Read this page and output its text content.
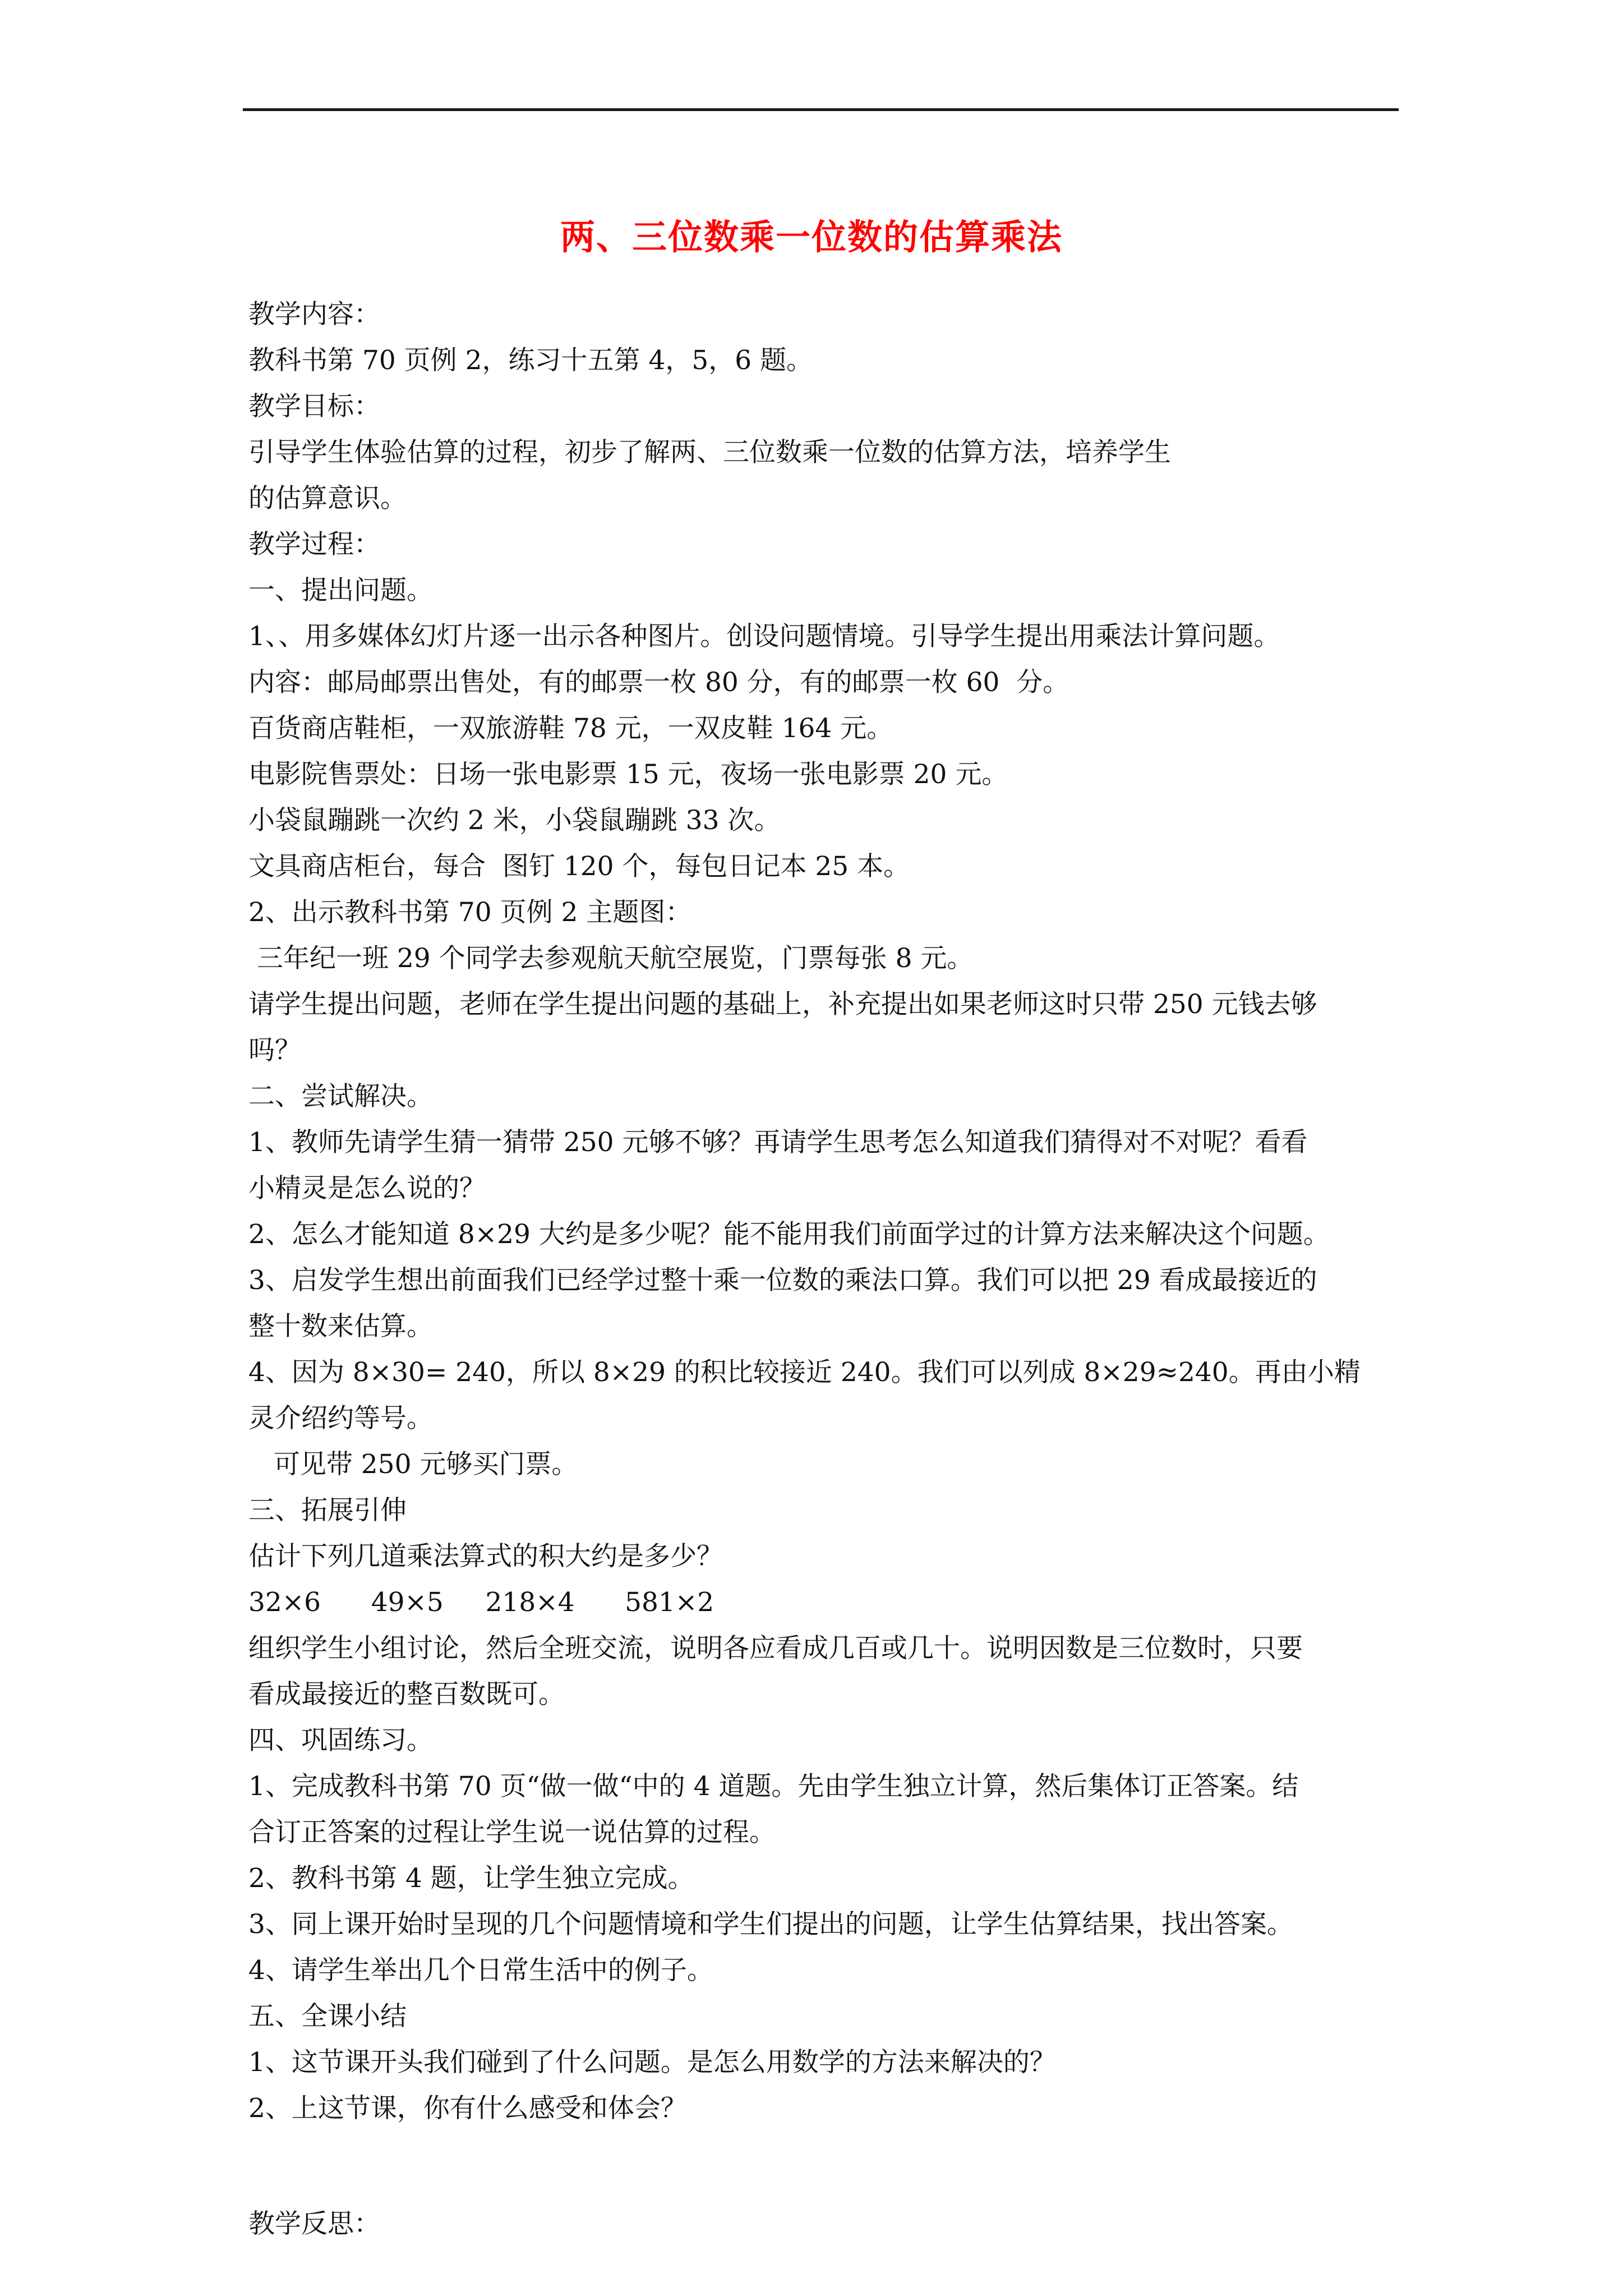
两、三位数乘一位数的估算乘法
教学内容：
教科书第 70 页例 2，练习十五第 4，5，6 题。
教学目标：
引导学生体验估算的过程，初步了解两、三位数乘一位数的估算方法，培养学生
的估算意识。
教学过程：
一、提出问题。
1、、用多媒体幻灯片逐一出示各种图片。创设问题情境。引导学生提出用乘法计算问题。
内容：邮局邮票出售处，有的邮票一枚 80 分，有的邮票一枚 60  分。
百货商店鞋柜，一双旅游鞋 78 元，一双皮鞋 164 元。
电影院售票处：日场一张电影票 15 元，夜场一张电影票 20 元。
小袋鼠蹦跳一次约 2 米，小袋鼠蹦跳 33 次。
文具商店柜台，每合  图钉 120 个，每包日记本 25 本。
2、出示教科书第 70 页例 2 主题图：
三年纪一班 29 个同学去参观航天航空展览，门票每张 8 元。
请学生提出问题，老师在学生提出问题的基础上，补充提出如果老师这时只带 250 元钱去够
吗？
二、尝试解决。
1、教师先请学生猜一猜带 250 元够不够？再请学生思考怎么知道我们猜得对不对呢？看看
小精灵是怎么说的？
2、怎么才能知道 8×29 大约是多少呢？能不能用我们前面学过的计算方法来解决这个问题。
3、启发学生想出前面我们已经学过整十乘一位数的乘法口算。我们可以把 29 看成最接近的
整十数来估算。
4、因为 8×30= 240，所以 8×29 的积比较接近 240。我们可以列成 8×29≈240。再由小精
灵介绍约等号。
可见带 250 元够买门票。
三、拓展引伸
估计下列几道乘法算式的积大约是多少？
32×6      49×5     218×4      581×2
组织学生小组讨论，然后全班交流，说明各应看成几百或几十。说明因数是三位数时，只要
看成最接近的整百数既可。
四、巩固练习。
1、完成教科书第 70 页“做一做“中的 4 道题。先由学生独立计算，然后集体订正答案。结
合订正答案的过程让学生说一说估算的过程。
2、教科书第 4 题，让学生独立完成。
3、同上课开始时呈现的几个问题情境和学生们提出的问题，让学生估算结果，找出答案。
4、请学生举出几个日常生活中的例子。
五、全课小结
1、这节课开头我们碰到了什么问题。是怎么用数学的方法来解决的？
2、上这节课，你有什么感受和体会？
教学反思：
